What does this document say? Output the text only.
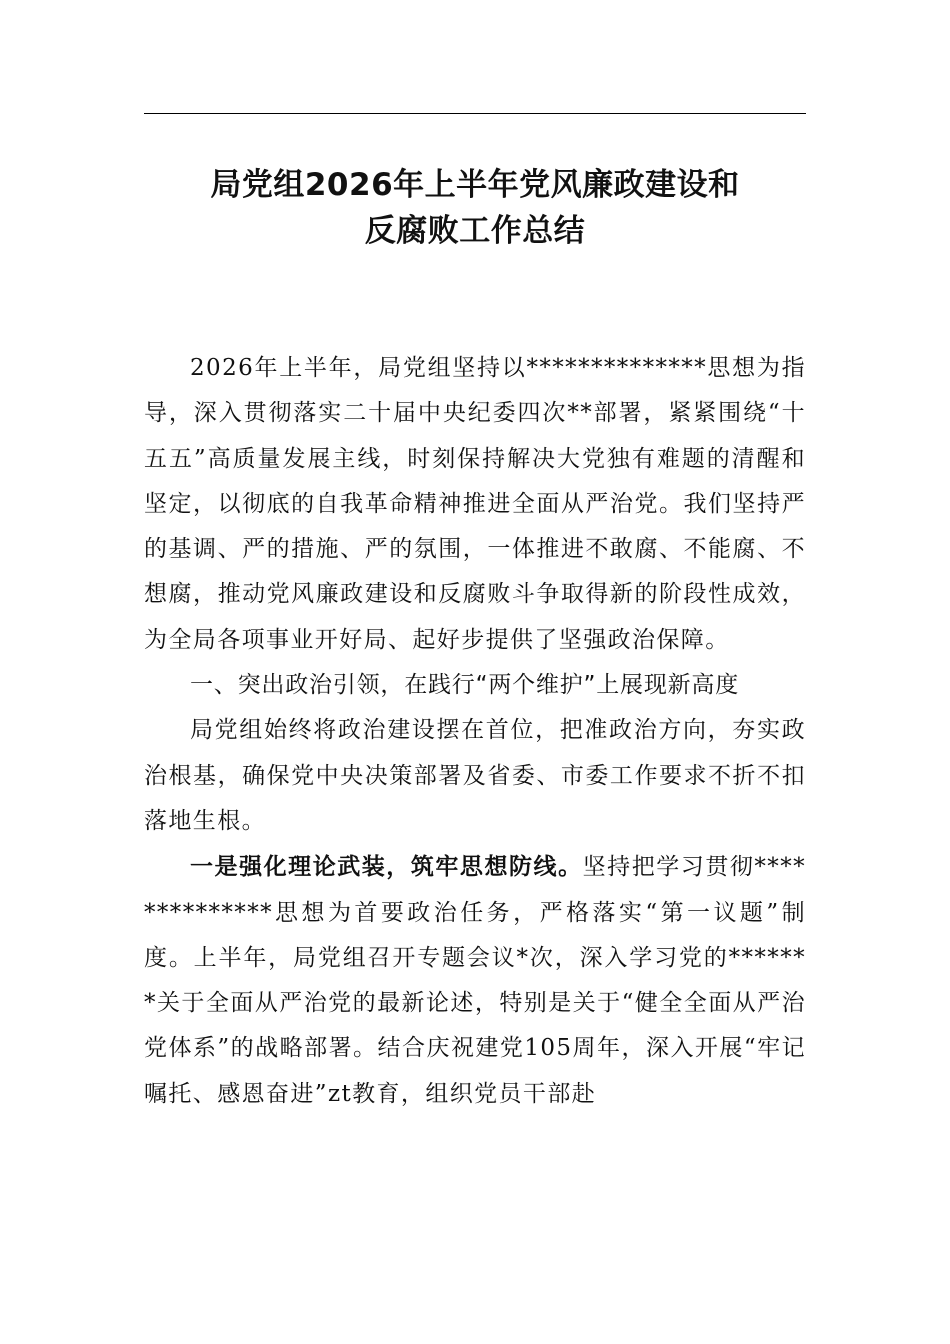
局党组2026年上半年党风廉政建设和
反腐败工作总结

2026年上半年，局党组坚持以**************思想为指导，深入贯彻落实二十届中央纪委四次**部署，紧紧围绕“十五五”高质量发展主线，时刻保持解决大党独有难题的清醒和坚定，以彻底的自我革命精神推进全面从严治党。我们坚持严的基调、严的措施、严的氛围，一体推进不敢腐、不能腐、不想腐，推动党风廉政建设和反腐败斗争取得新的阶段性成效，为全局各项事业开好局、起好步提供了坚强政治保障。

一、突出政治引领，在践行“两个维护”上展现新高度

局党组始终将政治建设摆在首位，把准政治方向，夯实政治根基，确保党中央决策部署及省委、市委工作要求不折不扣落地生根。

一是强化理论武装，筑牢思想防线。坚持把学习贯彻**************思想为首要政治任务，严格落实“第一议题”制度。上半年，局党组召开专题会议*次，深入学习党的*******关于全面从严治党的最新论述，特别是关于“健全全面从严治党体系”的战略部署。结合庆祝建党105周年，深入开展“牢记嘱托、感恩奋进”zt教育，组织党员干部赴
